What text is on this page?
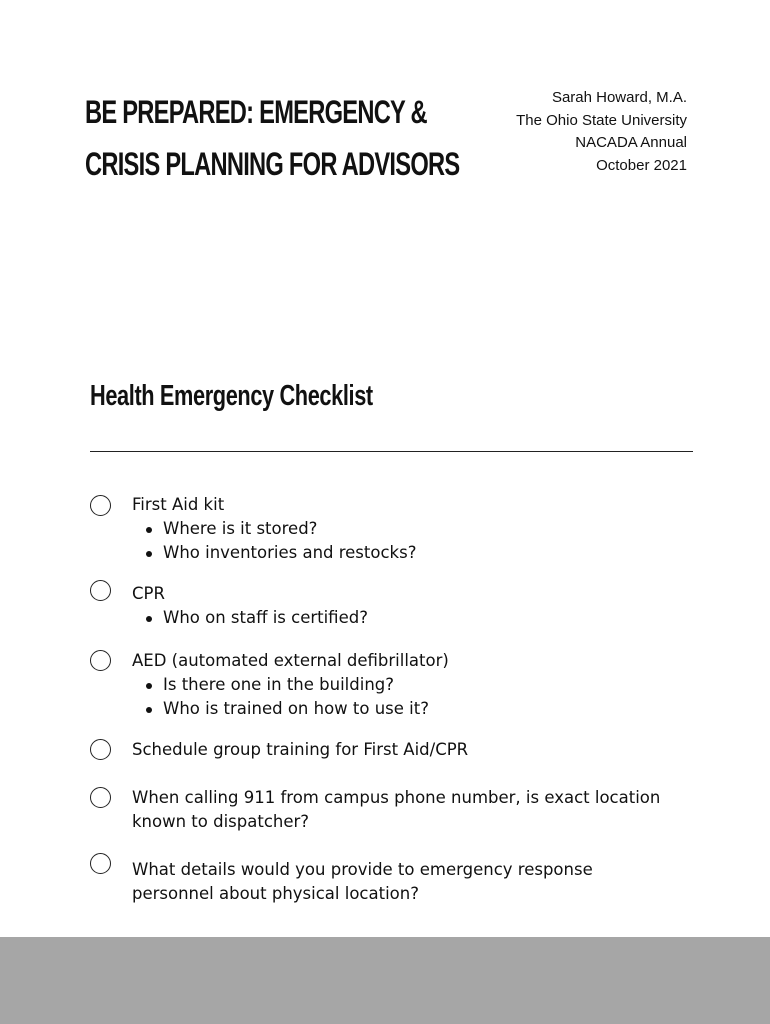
BE PREPARED: EMERGENCY &
CRISIS PLANNING FOR ADVISORS
Sarah Howard, M.A.
The Ohio State University
NACADA Annual
October 2021
Health Emergency Checklist
First Aid kit
Where is it stored?
Who inventories and restocks?
CPR
Who on staff is certified?
AED (automated external defibrillator)
Is there one in the building?
Who is trained on how to use it?
Schedule group training for First Aid/CPR
When calling 911 from campus phone number, is exact location
known to dispatcher?
What details would you provide to emergency response
personnel about physical location?
